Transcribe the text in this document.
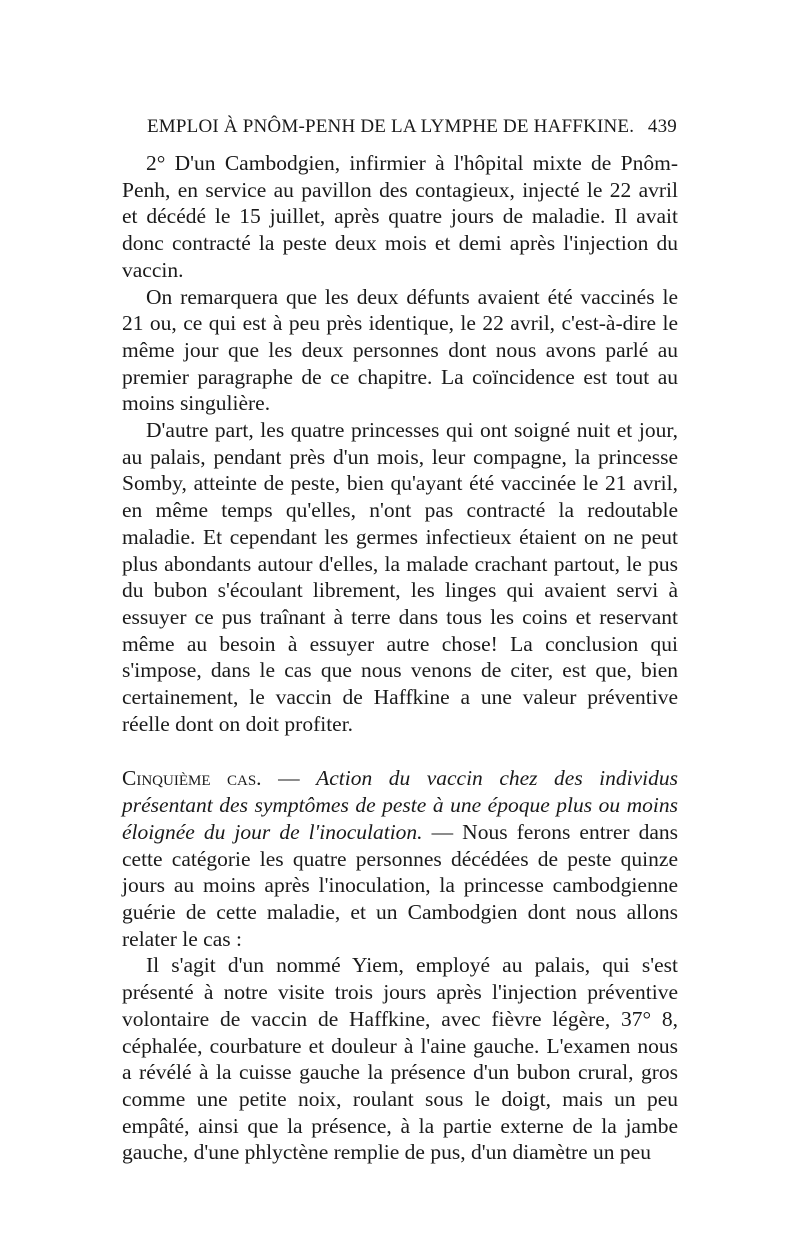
EMPLOI À PNÔM-PENH DE LA LYMPHE DE HAFFKINE. 439

2° D'un Cambodgien, infirmier à l'hôpital mixte de Pnôm-Penh, en service au pavillon des contagieux, injecté le 22 avril et décédé le 15 juillet, après quatre jours de maladie. Il avait donc contracté la peste deux mois et demi après l'injection du vaccin.

On remarquera que les deux défunts avaient été vaccinés le 21 ou, ce qui est à peu près identique, le 22 avril, c'est-à-dire le même jour que les deux personnes dont nous avons parlé au premier paragraphe de ce chapitre. La coïncidence est tout au moins singulière.

D'autre part, les quatre princesses qui ont soigné nuit et jour, au palais, pendant près d'un mois, leur compagne, la princesse Somby, atteinte de peste, bien qu'ayant été vaccinée le 21 avril, en même temps qu'elles, n'ont pas contracté la redoutable maladie. Et cependant les germes infectieux étaient on ne peut plus abondants autour d'elles, la malade crachant partout, le pus du bubon s'écoulant librement, les linges qui avaient servi à essuyer ce pus traînant à terre dans tous les coins et reservant même au besoin à essuyer autre chose! La conclusion qui s'impose, dans le cas que nous venons de citer, est que, bien certainement, le vaccin de Haffkine a une valeur préventive réelle dont on doit profiter.

Cinquième cas. — Action du vaccin chez des individus présentant des symptômes de peste à une époque plus ou moins éloignée du jour de l'inoculation. — Nous ferons entrer dans cette catégorie les quatre personnes décédées de peste quinze jours au moins après l'inoculation, la princesse cambodgienne guérie de cette maladie, et un Cambodgien dont nous allons relater le cas :

Il s'agit d'un nommé Yiem, employé au palais, qui s'est présenté à notre visite trois jours après l'injection préventive volontaire de vaccin de Haffkine, avec fièvre légère, 37° 8, céphalée, courbature et douleur à l'aine gauche. L'examen nous a révélé à la cuisse gauche la présence d'un bubon crural, gros comme une petite noix, roulant sous le doigt, mais un peu empâté, ainsi que la présence, à la partie externe de la jambe gauche, d'une phlyctène remplie de pus, d'un diamètre un peu
